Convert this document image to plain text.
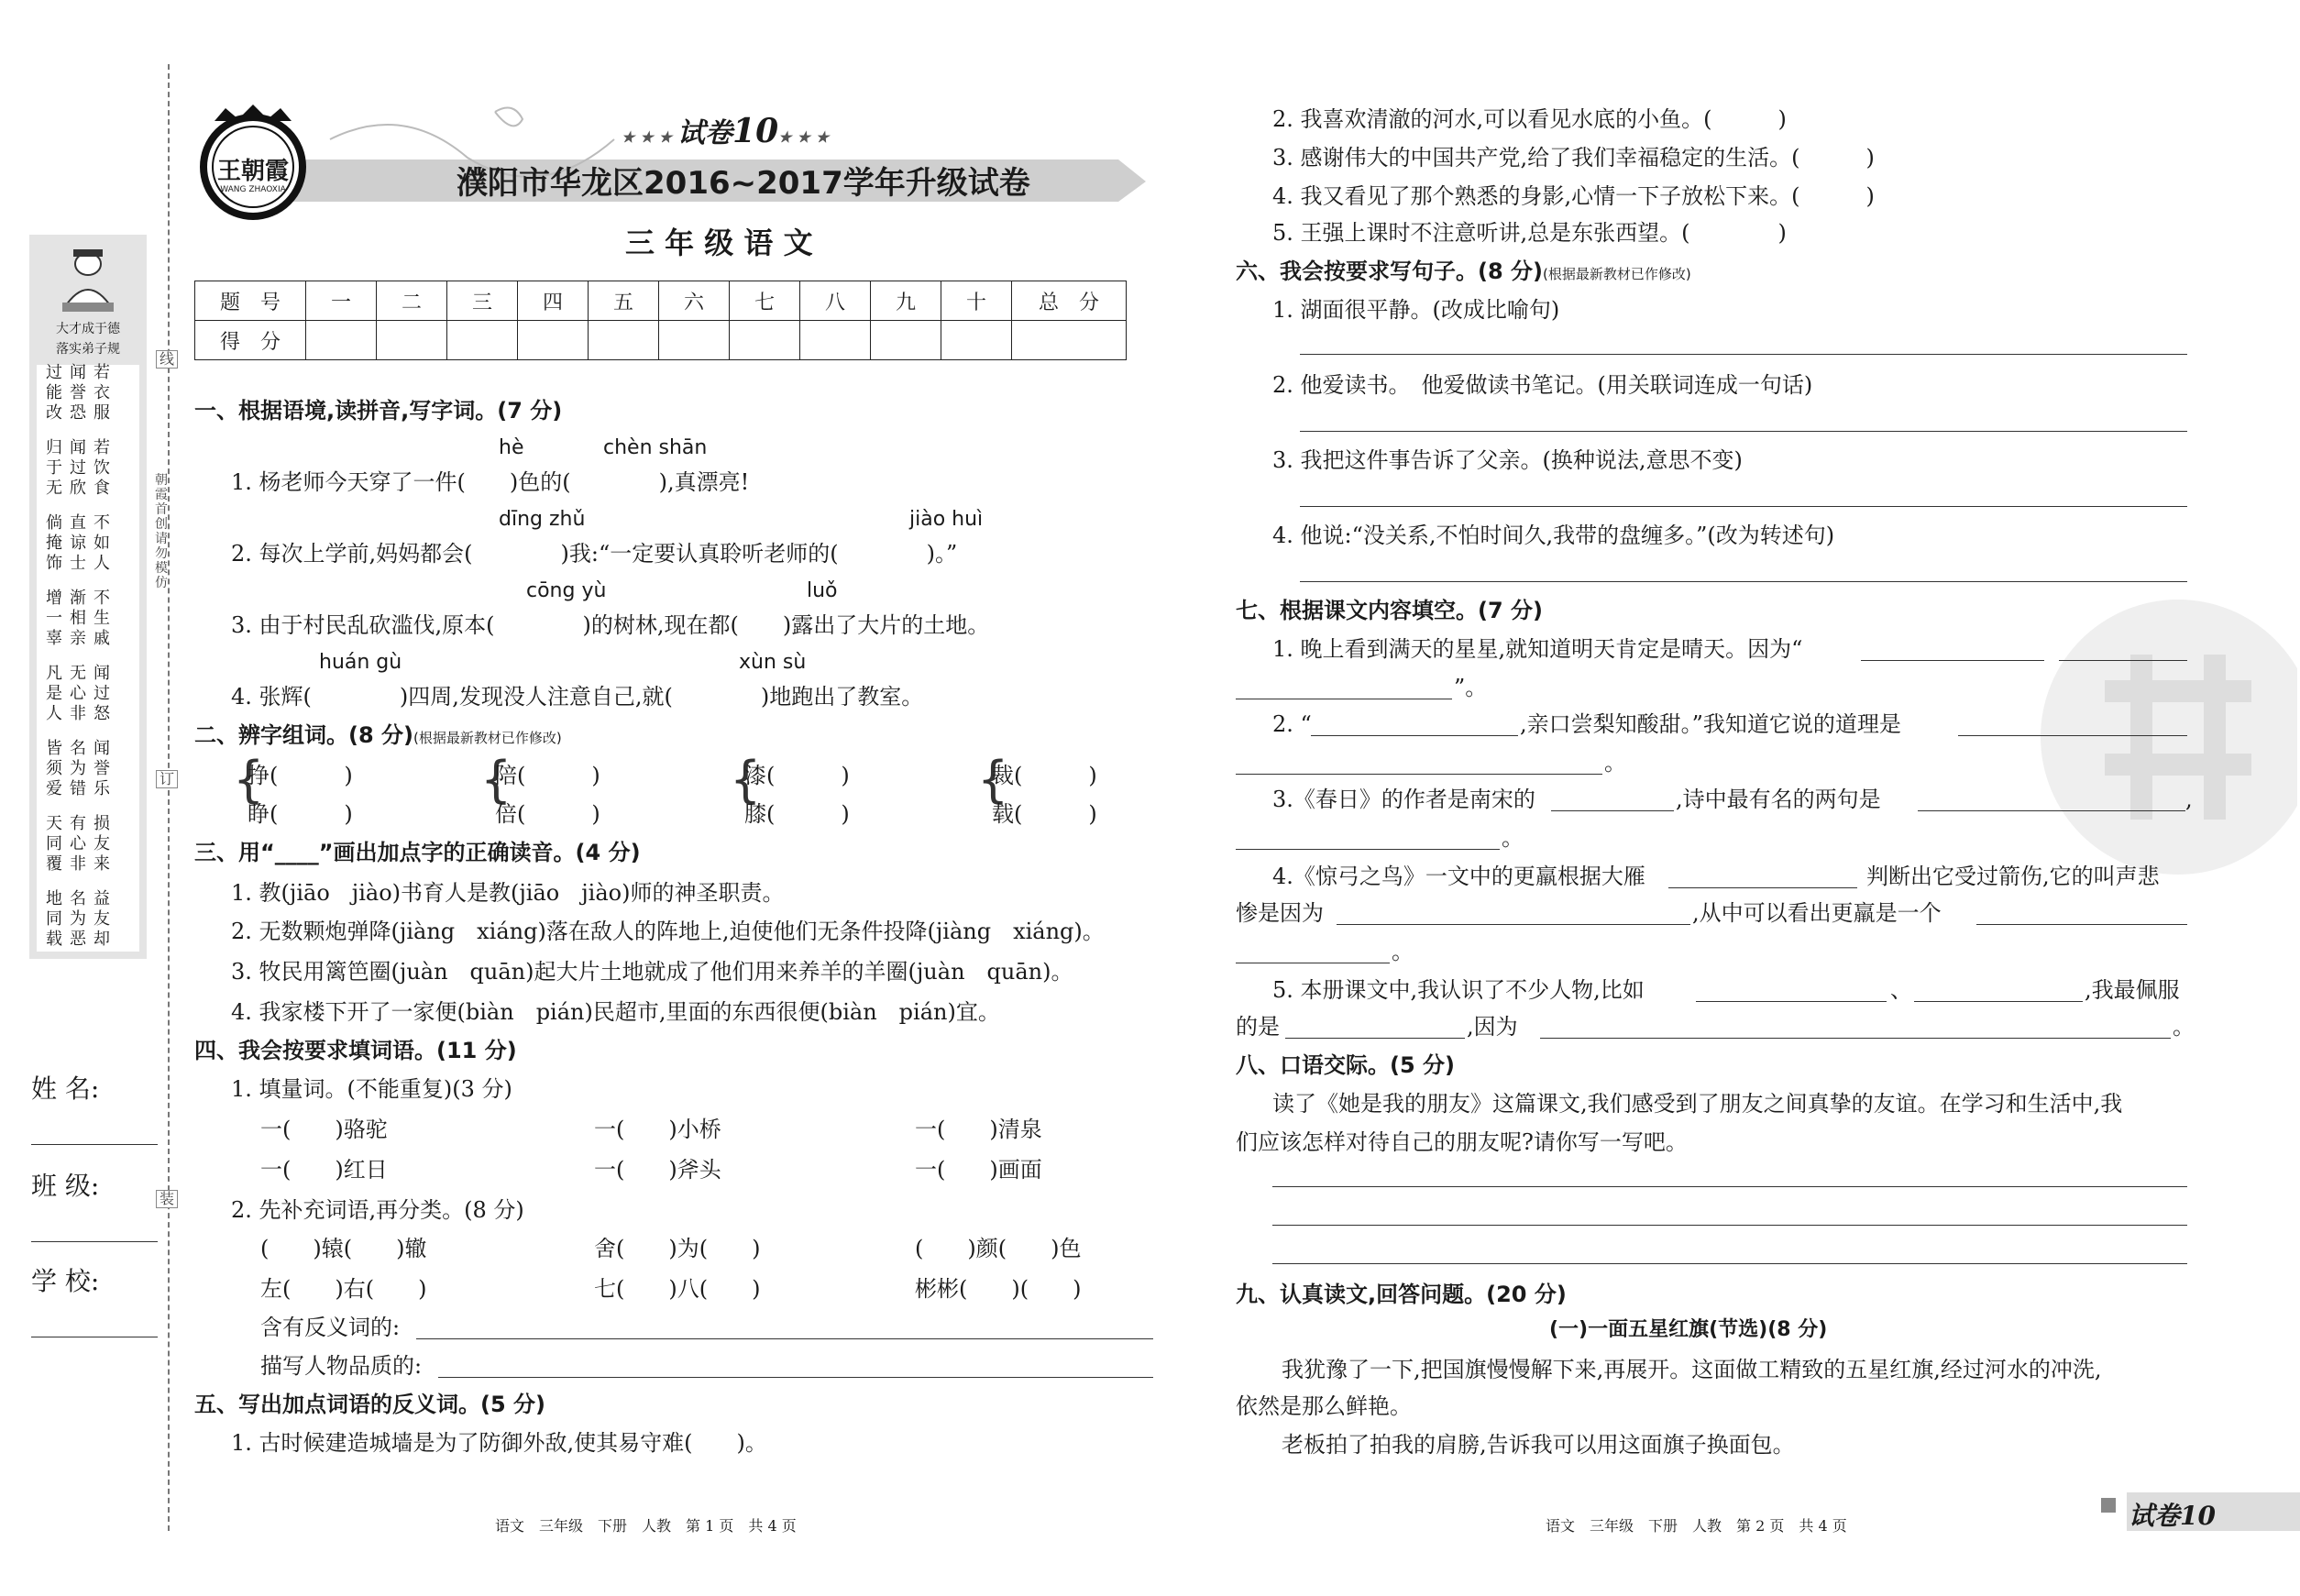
大才成于德
落实弟子规
过能改
闻誉恐
若衣服
归于无
闻过欣
若饮食
倘掩饰
直谅士
不如人
增一辜
渐相亲
不生戚
凡是人
无心非
闻过怒
皆须爱
名为错
闻誉乐
天同覆
有心非
损友来
地同载
名为恶
益友却
姓 名:
班 级:
学 校:
线
订
装
朝霞首创 请勿模仿
王朝霞
WANG ZHAOXIA
★★★试卷10★★★
濮阳市华龙区2016~2017学年升级试卷
三 年 级 语 文
题　号	一	二	三	四	五	六	七	八	九	十	总　分
得　分											
一、根据语境,读拼音,写字词。(7 分)
hè	chèn shān
1. 杨老师今天穿了一件(　　)色的(　　　　),真漂亮!
dīng zhǔ	jiào huì
2. 每次上学前,妈妈都会(　　　　)我:“一定要认真聆听老师的(　　　　)。”
cōng yù	luǒ
3. 由于村民乱砍滥伐,原本(　　　　)的树林,现在都(　　)露出了大片的土地。
huán gù	xùn sù
4. 张辉(　　　　)四周,发现没人注意自己,就(　　　　)地跑出了教室。
二、辨字组词。(8 分)(根据最新教材已作修改)
{
挣(　　　)
睁(　　　)
{
陪(　　　)
倍(　　　)
{
漆(　　　)
膝(　　　)
{
裁(　　　)
载(　　　)
三、用“____”画出加点字的正确读音。(4 分)
1. 教(jiāo　jiào)书育人是教(jiāo　jiào)师的神圣职责。
2. 无数颗炮弹降(jiàng　xiáng)落在敌人的阵地上,迫使他们无条件投降(jiàng　xiáng)。
3. 牧民用篱笆圈(juàn　quān)起大片土地就成了他们用来养羊的羊圈(juàn　quān)。
4. 我家楼下开了一家便(biàn　pián)民超市,里面的东西很便(biàn　pián)宜。
四、我会按要求填词语。(11 分)
1. 填量词。(不能重复)(3 分)
一(　　)骆驼	一(　　)小桥	一(　　)清泉
一(　　)红日	一(　　)斧头	一(　　)画面
2. 先补充词语,再分类。(8 分)
(　　)辕(　　)辙	舍(　　)为(　　)	(　　)颜(　　)色
左(　　)右(　　)	七(　　)八(　　)	彬彬(　　)(　　)
含有反义词的:
描写人物品质的:
五、写出加点词语的反义词。(5 分)
1. 古时候建造城墙是为了防御外敌,使其易守难(　　)。
语文　三年级　下册　人教　第 1 页　共 4 页
2. 我喜欢清澈的河水,可以看见水底的小鱼。(　　　)
3. 感谢伟大的中国共产党,给了我们幸福稳定的生活。(　　　)
4. 我又看见了那个熟悉的身影,心情一下子放松下来。(　　　)
5. 王强上课时不注意听讲,总是东张西望。(　　　　)
六、我会按要求写句子。(8 分)(根据最新教材已作修改)
1. 湖面很平静。(改成比喻句)
2. 他爱读书。　他爱做读书笔记。(用关联词连成一句话)
3. 我把这件事告诉了父亲。(换种说法,意思不变)
4. 他说:“没关系,不怕时间久,我带的盘缠多。”(改为转述句)
七、根据课文内容填空。(7 分)
1. 晚上看到满天的星星,就知道明天肯定是晴天。因为“
”。
2. “	,亲口尝梨知酸甜。”我知道它说的道理是
。
3.《春日》的作者是南宋的	,诗中最有名的两句是	,
。
4.《惊弓之鸟》一文中的更羸根据大雁	判断出它受过箭伤,它的叫声悲
惨是因为	,从中可以看出更羸是一个
。
5. 本册课文中,我认识了不少人物,比如	、	,我最佩服
的是	,因为	。
八、口语交际。(5 分)
读了《她是我的朋友》这篇课文,我们感受到了朋友之间真挚的友谊。在学习和生活中,我
们应该怎样对待自己的朋友呢?请你写一写吧。
九、认真读文,回答问题。(20 分)
(一)一面五星红旗(节选)(8 分)
我犹豫了一下,把国旗慢慢解下来,再展开。这面做工精致的五星红旗,经过河水的冲洗,
依然是那么鲜艳。
老板拍了拍我的肩膀,告诉我可以用这面旗子换面包。
语文　三年级　下册　人教　第 2 页　共 4 页	试卷10
